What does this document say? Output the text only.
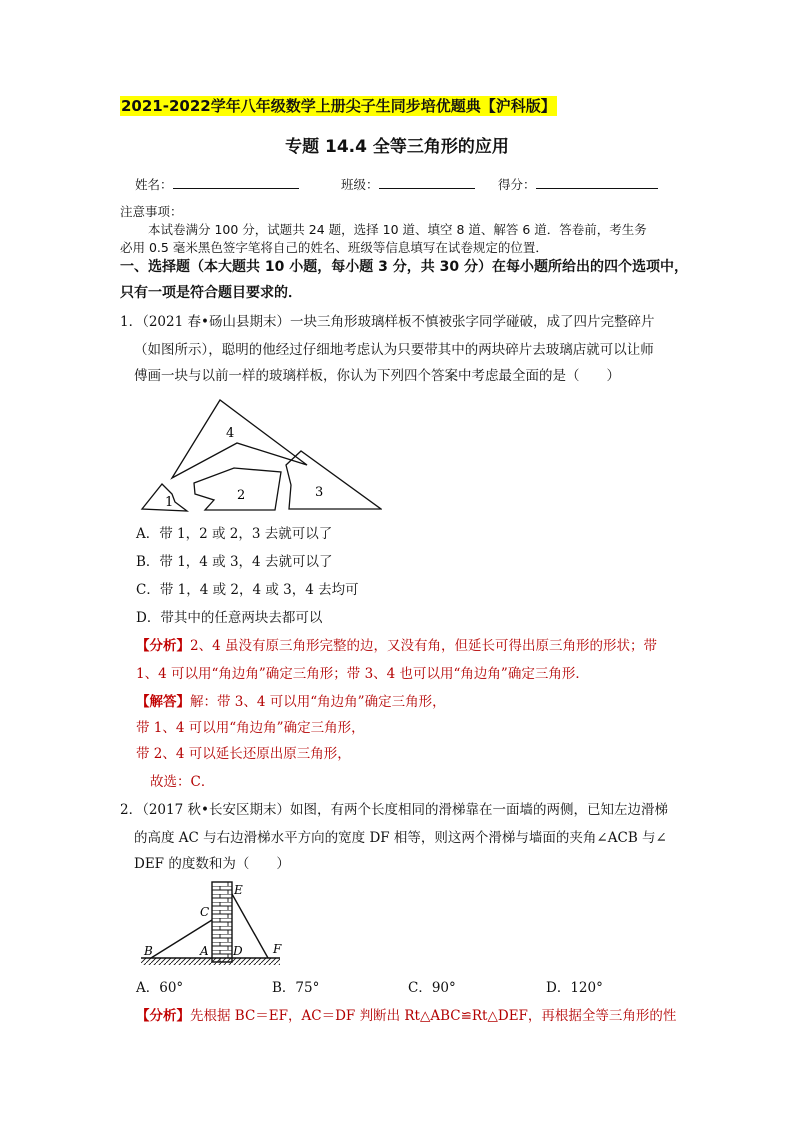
2021-2022学年八年级数学上册尖子生同步培优题典【沪科版】
专题 14.4 全等三角形的应用
姓名：	班级：	得分：
注意事项：
本试卷满分 100 分，试题共 24 题，选择 10 道、填空 8 道、解答 6 道．答卷前，考生务
必用 0.5 毫米黑色签字笔将自己的姓名、班级等信息填写在试卷规定的位置．
一、选择题（本大题共 10 小题，每小题 3 分，共 30 分）在每小题所给出的四个选项中，
只有一项是符合题目要求的．
1．（2021 春•砀山县期末）一块三角形玻璃样板不慎被张字同学碰破，成了四片完整碎片
（如图所示），聪明的他经过仔细地考虑认为只要带其中的两块碎片去玻璃店就可以让师
傅画一块与以前一样的玻璃样板，你认为下列四个答案中考虑最全面的是（　　）
4
1	2	3
A．带 1，2 或 2，3 去就可以了
B．带 1，4 或 3，4 去就可以了
C．带 1，4 或 2，4 或 3，4 去均可
D．带其中的任意两块去都可以
【分析】2、4 虽没有原三角形完整的边，又没有角，但延长可得出原三角形的形状；带
1、4 可以用“角边角”确定三角形；带 3、4 也可以用“角边角”确定三角形．
【解答】解：带 3、4 可以用“角边角”确定三角形，
带 1、4 可以用“角边角”确定三角形，
带 2、4 可以延长还原出原三角形，
故选：C．
2．（2017 秋•长安区期末）如图，有两个长度相同的滑梯靠在一面墙的两侧，已知左边滑梯
的高度 AC 与右边滑梯水平方向的宽度 DF 相等，则这两个滑梯与墙面的夹角∠ACB 与∠
DEF 的度数和为（　　）
E
C
B	A D	F
A．60°	B．75°	C．90°	D．120°
【分析】先根据 BC＝EF，AC＝DF 判断出 Rt△ABC≌Rt△DEF，再根据全等三角形的性
